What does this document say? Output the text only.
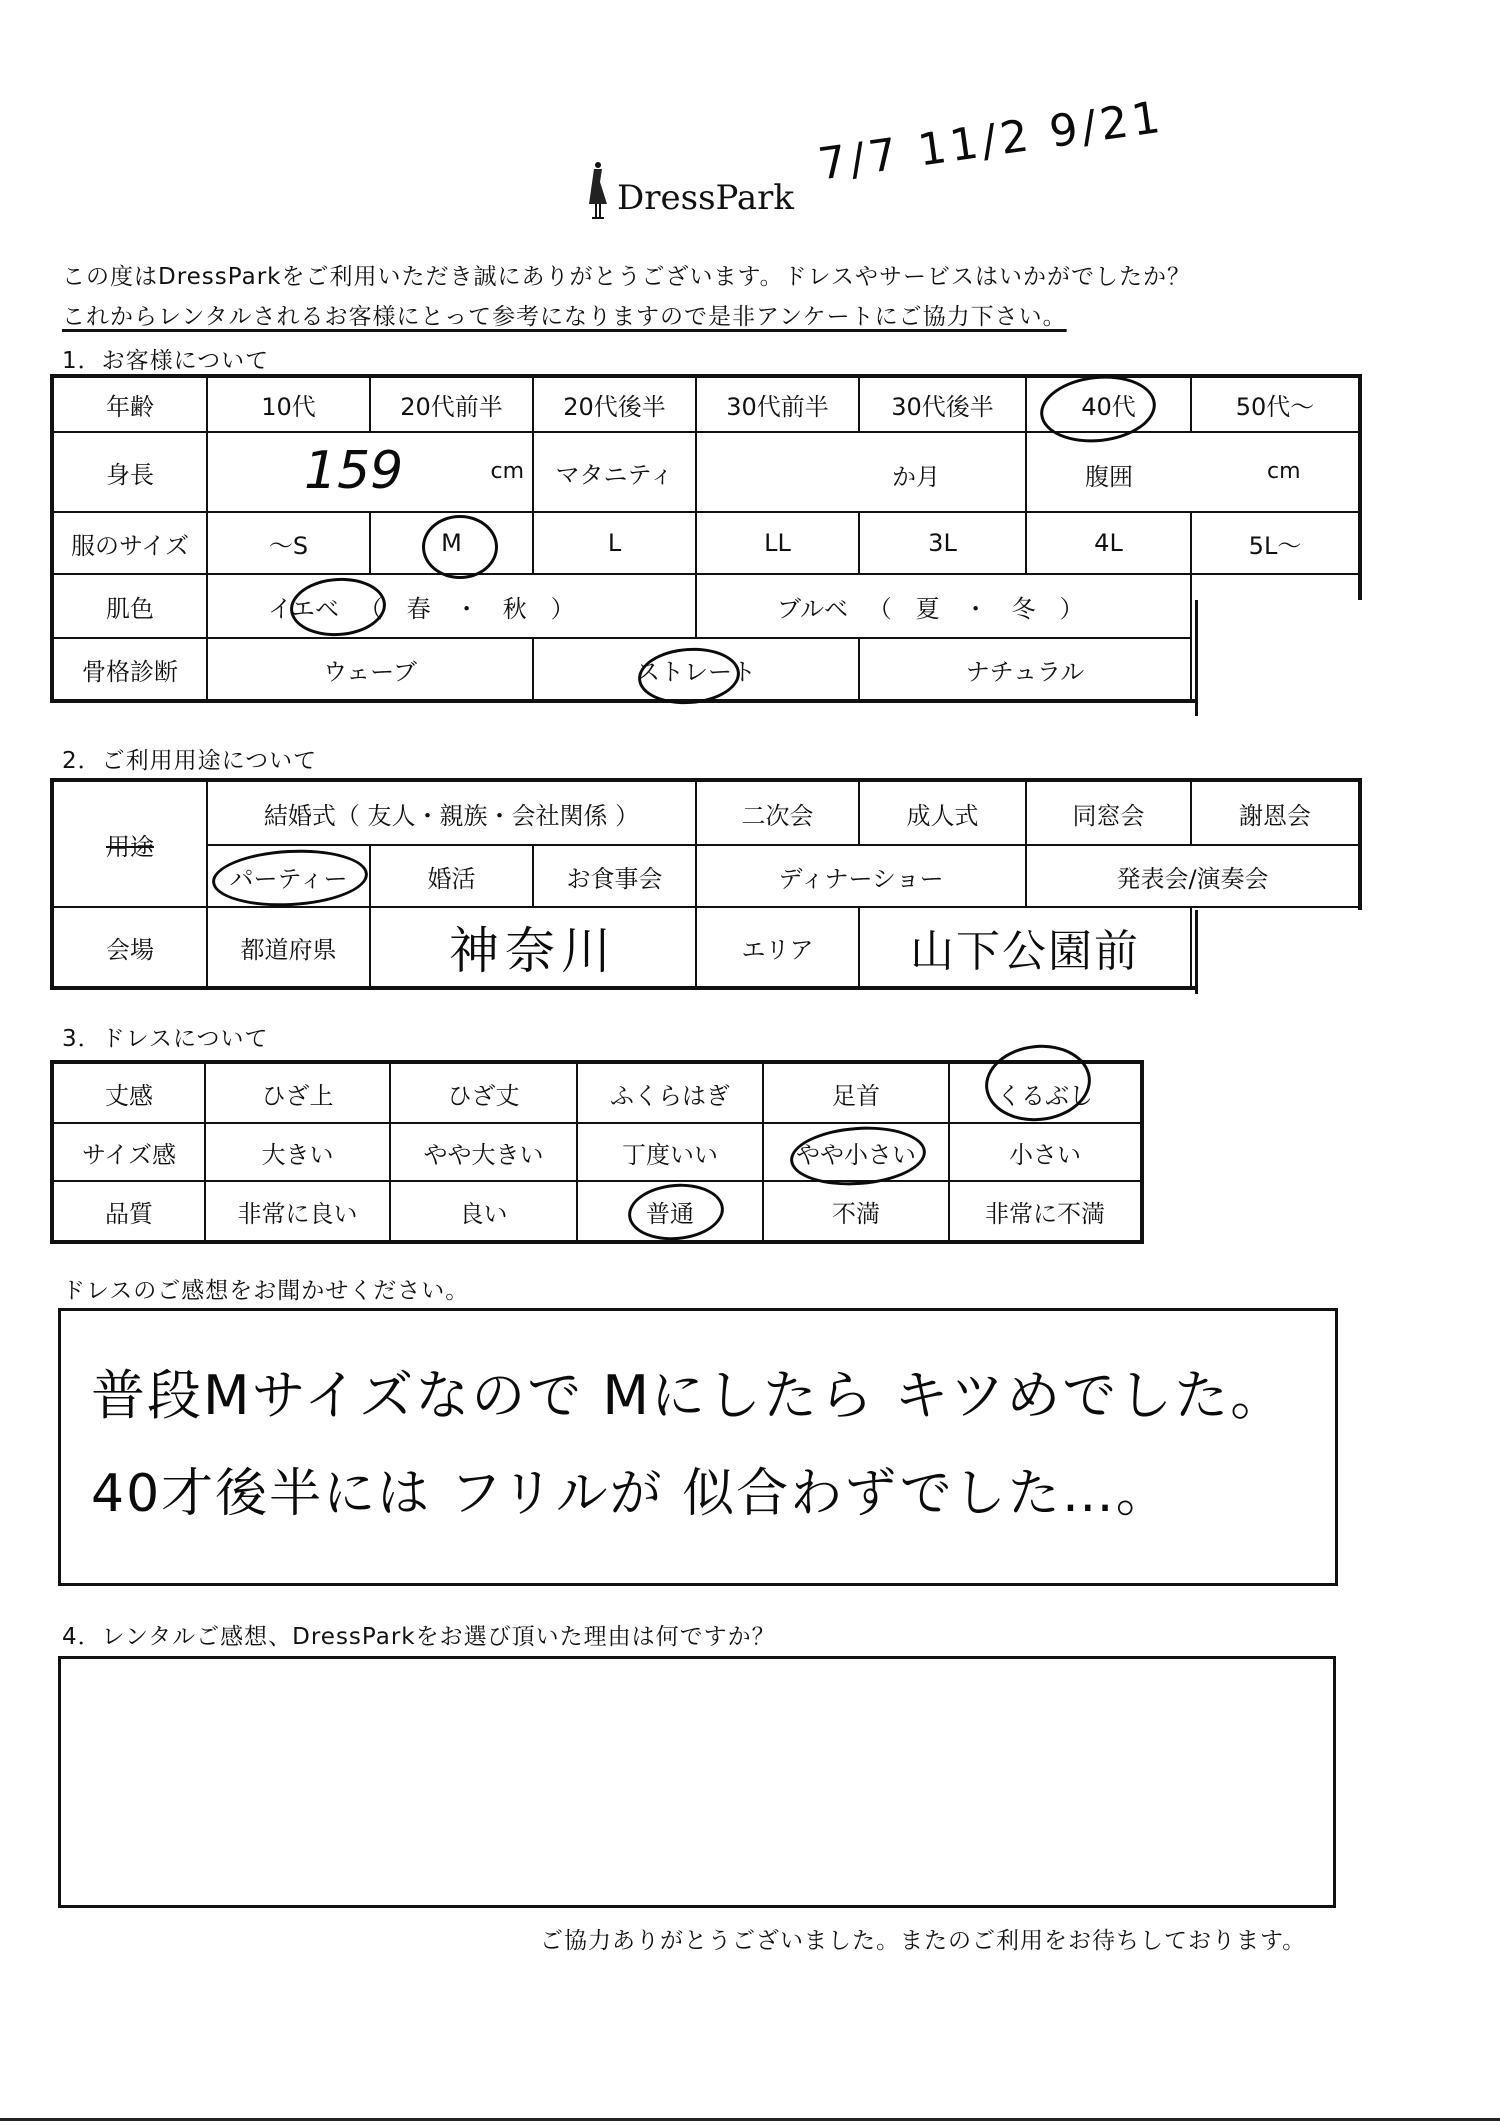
DressPark
7/7 11/2 9/21
この度はDressParkをご利用いただき誠にありがとうございます。ドレスやサービスはいかがでしたか？
これからレンタルされるお客様にとって参考になりますので是非アンケートにご協力下さい。
1．お客様について
年齢	10代	20代前半	20代後半	30代前半	30代後半	40代	50代～
身長	159 cm		マタニティ	か月		腹囲 cm	

服のサイズ	～S	M	L	LL	3L	4L	5L～
肌色	イエベ （　春　・　秋　）			ブルベ （　夏　・　冬　）			
骨格診断	ウェーブ		ストレート		ナチュラル		
2．ご利用用途について
用途	結婚式（ 友人・親族・会社関係 ）			二次会	成人式	同窓会	謝恩会
	パーティー	婚活	お食事会	ディナーショー		発表会/演奏会	
会場	都道府県	神奈川		エリア	山下公園前		
3．ドレスについて
丈感	ひざ上	ひざ丈	ふくらはぎ	足首	くるぶし
サイズ感	大きい	やや大きい	丁度いい	やや小さい	小さい
品質	非常に良い	良い	普通	不満	非常に不満
ドレスのご感想をお聞かせください。
普段Mサイズなので Mにしたら キツめでした。
40才後半には フリルが 似合わずでした…。
4．レンタルご感想、DressParkをお選び頂いた理由は何ですか？
ご協力ありがとうございました。またのご利用をお待ちしております。
